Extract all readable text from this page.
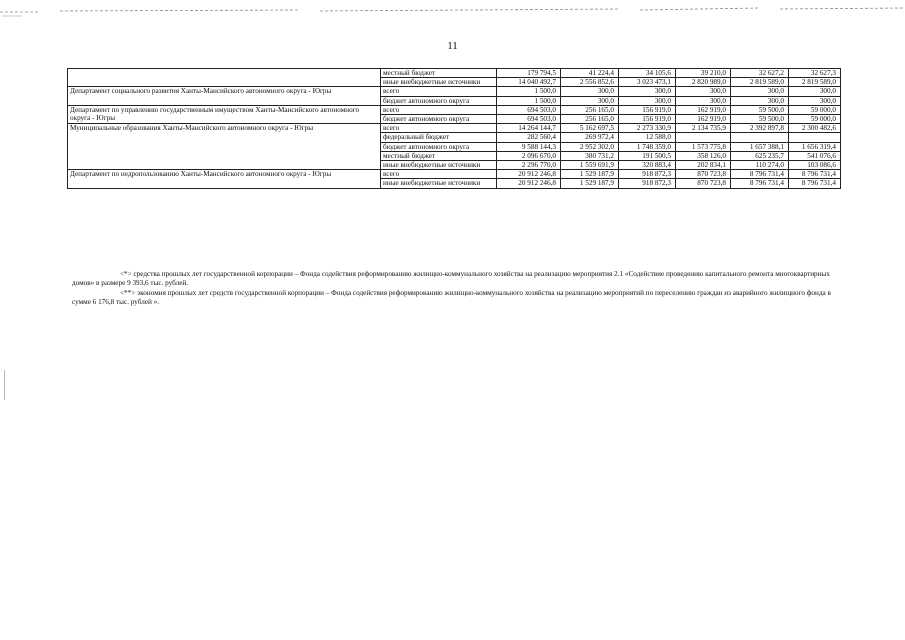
11
	местный бюджет	179 794,5	41 224,4	34 105,6	39 210,0	32 627,2	32 627,3
	иные внебюджетные источники	14 040 492,7	2 556 852,6	3 023 473,1	2 820 989,0	2 819 589,0	2 819 589,0
Департамент социального развития Ханты-Мансийского автономного округа - Югры	всего	1 500,0	300,0	300,0	300,0	300,0	300,0
	бюджет автономного округа	1 500,0	300,0	300,0	300,0	300,0	300,0
Департамент по управлению государственным имуществом Ханты-Мансийского автономного округа - Югры	всего	694 503,0	256 165,0	156 919,0	162 919,0	59 500,0	59 000,0
	бюджет автономного округа	694 503,0	256 165,0	156 919,0	162 919,0	59 500,0	59 000,0
Муниципальные образования Ханты-Мансийского автономного округа - Югры	всего	14 264 144,7	5 162 697,5	2 273 330,9	2 134 735,9	2 392 897,8	2 300 482,6
	федеральный бюджет	282 560,4	269 972,4	12 588,0			
	бюджет автономного округа	9 588 144,3	2 952 302,0	1 748 359,0	1 573 775,8	1 657 388,1	1 656 319,4
	местный бюджет	2 096 670,0	380 731,2	191 500,5	358 126,0	625 235,7	541 076,6
	иные внебюджетные источники	2 296 770,0	1 559 691,9	320 883,4	202 834,1	110 274,0	103 086,6
Департамент по недропользованию Ханты-Мансийского автономного округа - Югры	всего	20 912 246,8	1 529 187,9	918 872,3	870 723,8	8 796 731,4	8 796 731,4
	иные внебюджетные источники	20 912 246,8	1 529 187,9	918 872,3	870 723,8	8 796 731,4	8 796 731,4

<*> средства прошлых лет государственной корпорации – Фонда содействия реформированию жилищно-коммунального хозяйства на реализацию мероприятия 2.1 «Содействие проведению капитального ремонта многоквартирных домов» в размере 9 393,6 тыс. рублей.

<**> экономия прошлых лет средств государственной корпорации – Фонда содействия реформированию жилищно-коммунального хозяйства на реализацию мероприятий по переселению граждан из аварийного жилищного фонда в сумме 6 176,8 тыс. рублей ».
